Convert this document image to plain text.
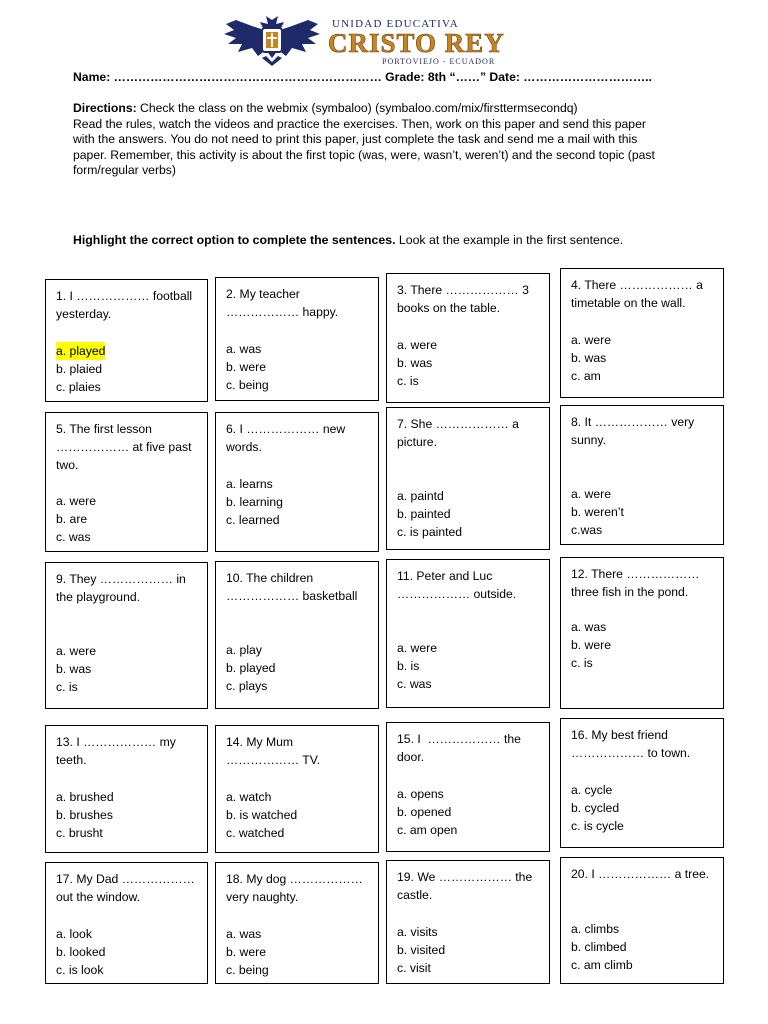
UNIDAD EDUCATIVA
CRISTO REY
PORTOVIEJO - ECUADOR
Name: ………………………………………………………… Grade: 8th “……” Date: …………………………..
Directions: Check the class on the webmix (symbaloo) (symbaloo.com/mix/firsttermsecondq)
Read the rules, watch the videos and practice the exercises. Then, work on this paper and send this paper
with the answers. You do not need to print this paper, just complete the task and send me a mail with this
paper. Remember, this activity is about the first topic (was, were, wasn’t, weren’t) and the second topic (past
form/regular verbs)
Highlight the correct option to complete the sentences. Look at the example in the first sentence.
1. I ……………… football
yesterday.
a. played
b. plaied
c. plaies
2. My teacher
……………… happy.
a. was
b. were
c. being
3. There ……………… 3
books on the table.
a. were
b. was
c. is
4. There ……………… a
timetable on the wall.
a. were
b. was
c. am
5. The first lesson
……………… at five past
two.
a. were
b. are
c. was
6. I ……………… new
words.
a. learns
b. learning
c. learned
7. She ……………… a
picture.
a. paintd
b. painted
c. is painted
8. It ……………… very
sunny.
a. were
b. weren’t
c.was
9. They ……………… in
the playground.
a. were
b. was
c. is
10. The children
……………… basketball
a. play
b. played
c. plays
11. Peter and Luc
……………… outside.
a. were
b. is
c. was
12. There ………………
three fish in the pond.
a. was
b. were
c. is
13. I ……………… my
teeth.
a. brushed
b. brushes
c. brusht
14. My Mum
……………… TV.
a. watch
b. is watched
c. watched
15. I  ……………… the
door.
a. opens
b. opened
c. am open
16. My best friend
……………… to town.
a. cycle
b. cycled
c. is cycle
17. My Dad ………………
out the window.
a. look
b. looked
c. is look
18. My dog ………………
very naughty.
a. was
b. were
c. being
19. We ……………… the
castle.
a. visits
b. visited
c. visit
20. I ……………… a tree.
a. climbs
b. climbed
c. am climb
